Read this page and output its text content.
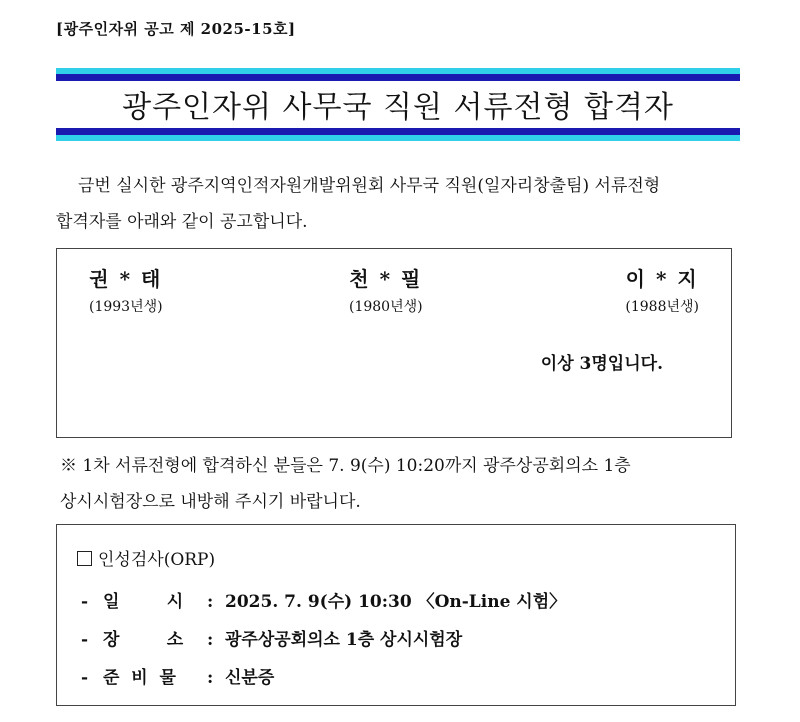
[광주인자위 공고 제 2025-15호]
광주인자위 사무국 직원 서류전형 합격자
금번 실시한 광주지역인적자원개발위원회 사무국 직원(일자리창출팀) 서류전형
합격자를 아래와 같이 공고합니다.
권 * 태
(1993년생)
천 * 필
(1980년생)
이 * 지
(1988년생)
이상 3명입니다.
※ 1차 서류전형에 합격하신 분들은 7. 9(수) 10:20까지 광주상공회의소 1층
상시시험장으로 내방해 주시기 바랍니다.
인성검사(ORP)
- 일        시 : 2025. 7. 9(수) 10:30 〈On-Line 시험〉
- 장        소 : 광주상공회의소 1층 상시시험장
- 준  비  물 : 신분증
